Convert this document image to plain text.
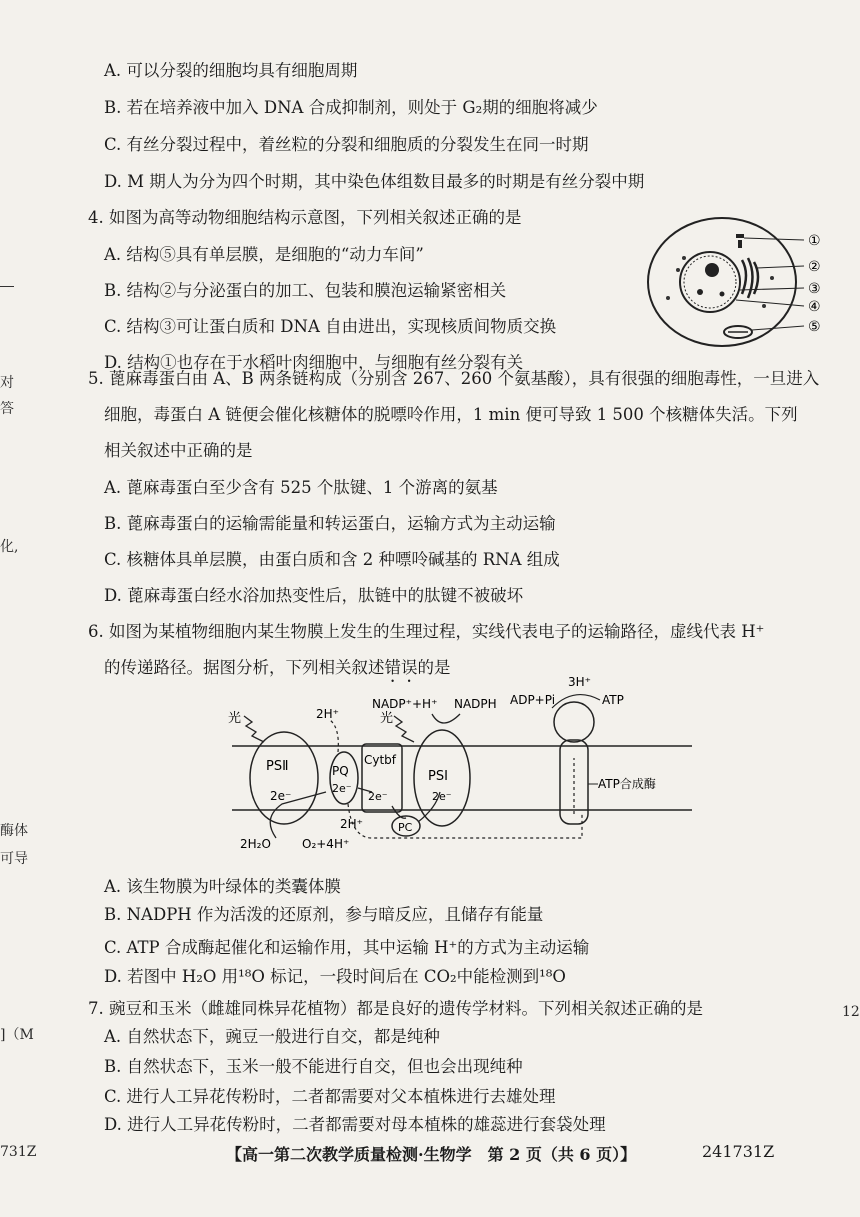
对
答
化,
酶体
可导
]（M
731Z
12
A. 可以分裂的细胞均具有细胞周期
B. 若在培养液中加入 DNA 合成抑制剂，则处于 G₂期的细胞将减少
C. 有丝分裂过程中，着丝粒的分裂和细胞质的分裂发生在同一时期
D. M 期人为分为四个时期，其中染色体组数目最多的时期是有丝分裂中期
4. 如图为高等动物细胞结构示意图，下列相关叙述正确的是
A. 结构⑤具有单层膜，是细胞的“动力车间”
B. 结构②与分泌蛋白的加工、包装和膜泡运输紧密相关
C. 结构③可让蛋白质和 DNA 自由进出，实现核质间物质交换
D. 结构①也存在于水稻叶肉细胞中，与细胞有丝分裂有关
①
②
③
④
⑤
5. 蓖麻毒蛋白由 A、B 两条链构成（分别含 267、260 个氨基酸），具有很强的细胞毒性，一旦进入
细胞，毒蛋白 A 链便会催化核糖体的脱嘌呤作用，1 min 便可导致 1 500 个核糖体失活。下列
相关叙述中正确的是
A. 蓖麻毒蛋白至少含有 525 个肽键、1 个游离的氨基
B. 蓖麻毒蛋白的运输需能量和转运蛋白，运输方式为主动运输
C. 核糖体具单层膜，由蛋白质和含 2 种嘌呤碱基的 RNA 组成
D. 蓖麻毒蛋白经水浴加热变性后，肽链中的肽键不被破坏
6. 如图为某植物细胞内某生物膜上发生的生理过程，实线代表电子的运输路径，虚线代表 H⁺
的传递路径。据图分析，下列相关叙述错误的是
光	光
PSⅡ
2e⁻
PQ
2e⁻
2H⁺
Cytbf
2e⁻
PSⅠ
2e⁻
NADP⁺+H⁺ NADPH
PC
2H₂O	O₂+4H⁺
2H⁺
ADP+Pi	ATP
3H⁺
ATP合成酶
A. 该生物膜为叶绿体的类囊体膜
B. NADPH 作为活泼的还原剂，参与暗反应，且储存有能量
C. ATP 合成酶起催化和运输作用，其中运输 H⁺的方式为主动运输
D. 若图中 H₂O 用¹⁸O 标记，一段时间后在 CO₂中能检测到¹⁸O
7. 豌豆和玉米（雌雄同株异花植物）都是良好的遗传学材料。下列相关叙述正确的是
A. 自然状态下，豌豆一般进行自交，都是纯种
B. 自然状态下，玉米一般不能进行自交，但也会出现纯种
C. 进行人工异花传粉时，二者都需要对父本植株进行去雄处理
D. 进行人工异花传粉时，二者都需要对母本植株的雄蕊进行套袋处理
【高一第二次教学质量检测·生物学　第 2 页（共 6 页）】	241731Z
